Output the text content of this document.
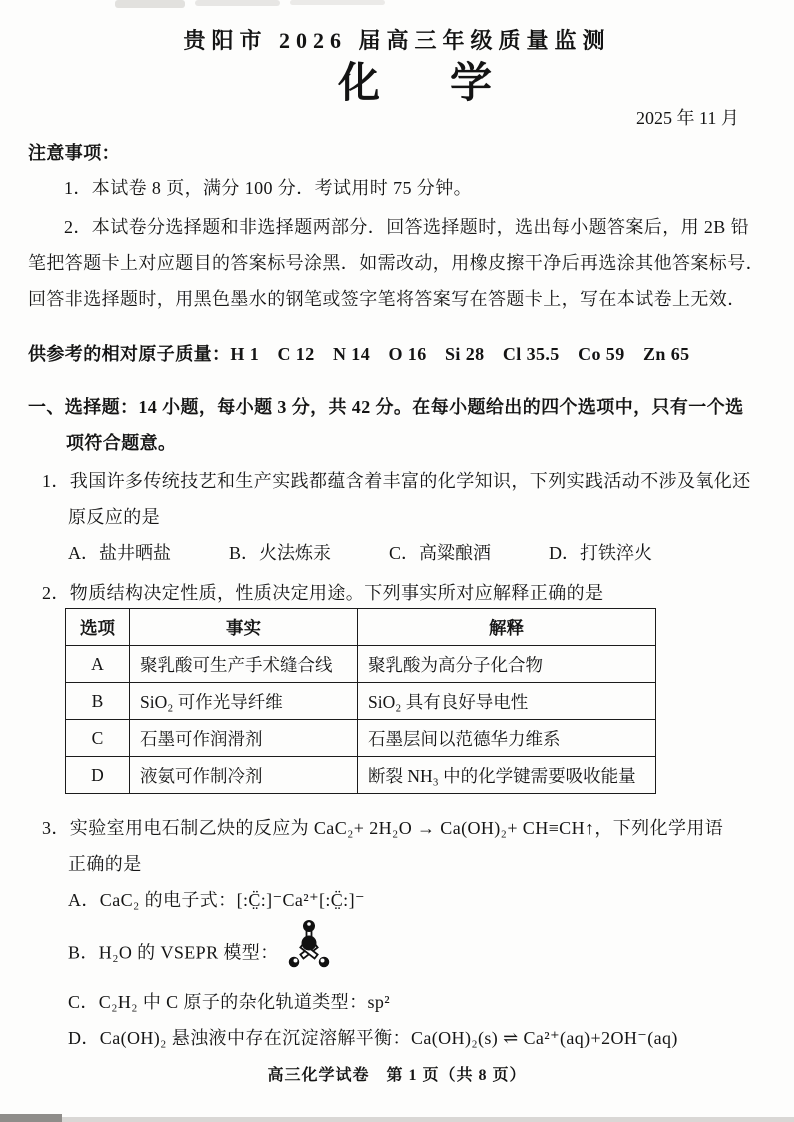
贵阳市 2026 届高三年级质量监测
化　学
2025 年 11 月
注意事项：
1．本试卷 8 页，满分 100 分．考试用时 75 分钟。
2．本试卷分选择题和非选择题两部分．回答选择题时，选出每小题答案后，用 2B 铅
笔把答题卡上对应题目的答案标号涂黑．如需改动，用橡皮擦干净后再选涂其他答案标号．
回答非选择题时，用黑色墨水的钢笔或签字笔将答案写在答题卡上，写在本试卷上无效．
供参考的相对原子质量：H 1　C 12　N 14　O 16　Si 28　Cl 35.5　Co 59　Zn 65
一、选择题：14 小题，每小题 3 分，共 42 分。在每小题给出的四个选项中，只有一个选
项符合题意。
1．我国许多传统技艺和生产实践都蕴含着丰富的化学知识，下列实践活动不涉及氧化还
原反应的是
A．盐井晒盐	B．火法炼汞	C．高粱酿酒	D．打铁淬火
2．物质结构决定性质，性质决定用途。下列事实所对应解释正确的是
选项	事实	解释
A	聚乳酸可生产手术缝合线	聚乳酸为高分子化合物
B	SiO₂ 可作光导纤维	SiO₂ 具有良好导电性
C	石墨可作润滑剂	石墨层间以范德华力维系
D	液氨可作制冷剂	断裂 NH₃ 中的化学键需要吸收能量
3．实验室用电石制乙炔的反应为 CaC₂+ 2H₂O → Ca(OH)₂+ CH≡CH↑，下列化学用语
正确的是
A．CaC₂ 的电子式：[:C̤̈:]⁻Ca²⁺[:C̤̈:]⁻
B．H₂O 的 VSEPR 模型：
C．C₂H₂ 中 C 原子的杂化轨道类型：sp²
D．Ca(OH)₂ 悬浊液中存在沉淀溶解平衡：Ca(OH)₂(s) ⇌ Ca²⁺(aq)+2OH⁻(aq)
高三化学试卷　第 1 页（共 8 页）
